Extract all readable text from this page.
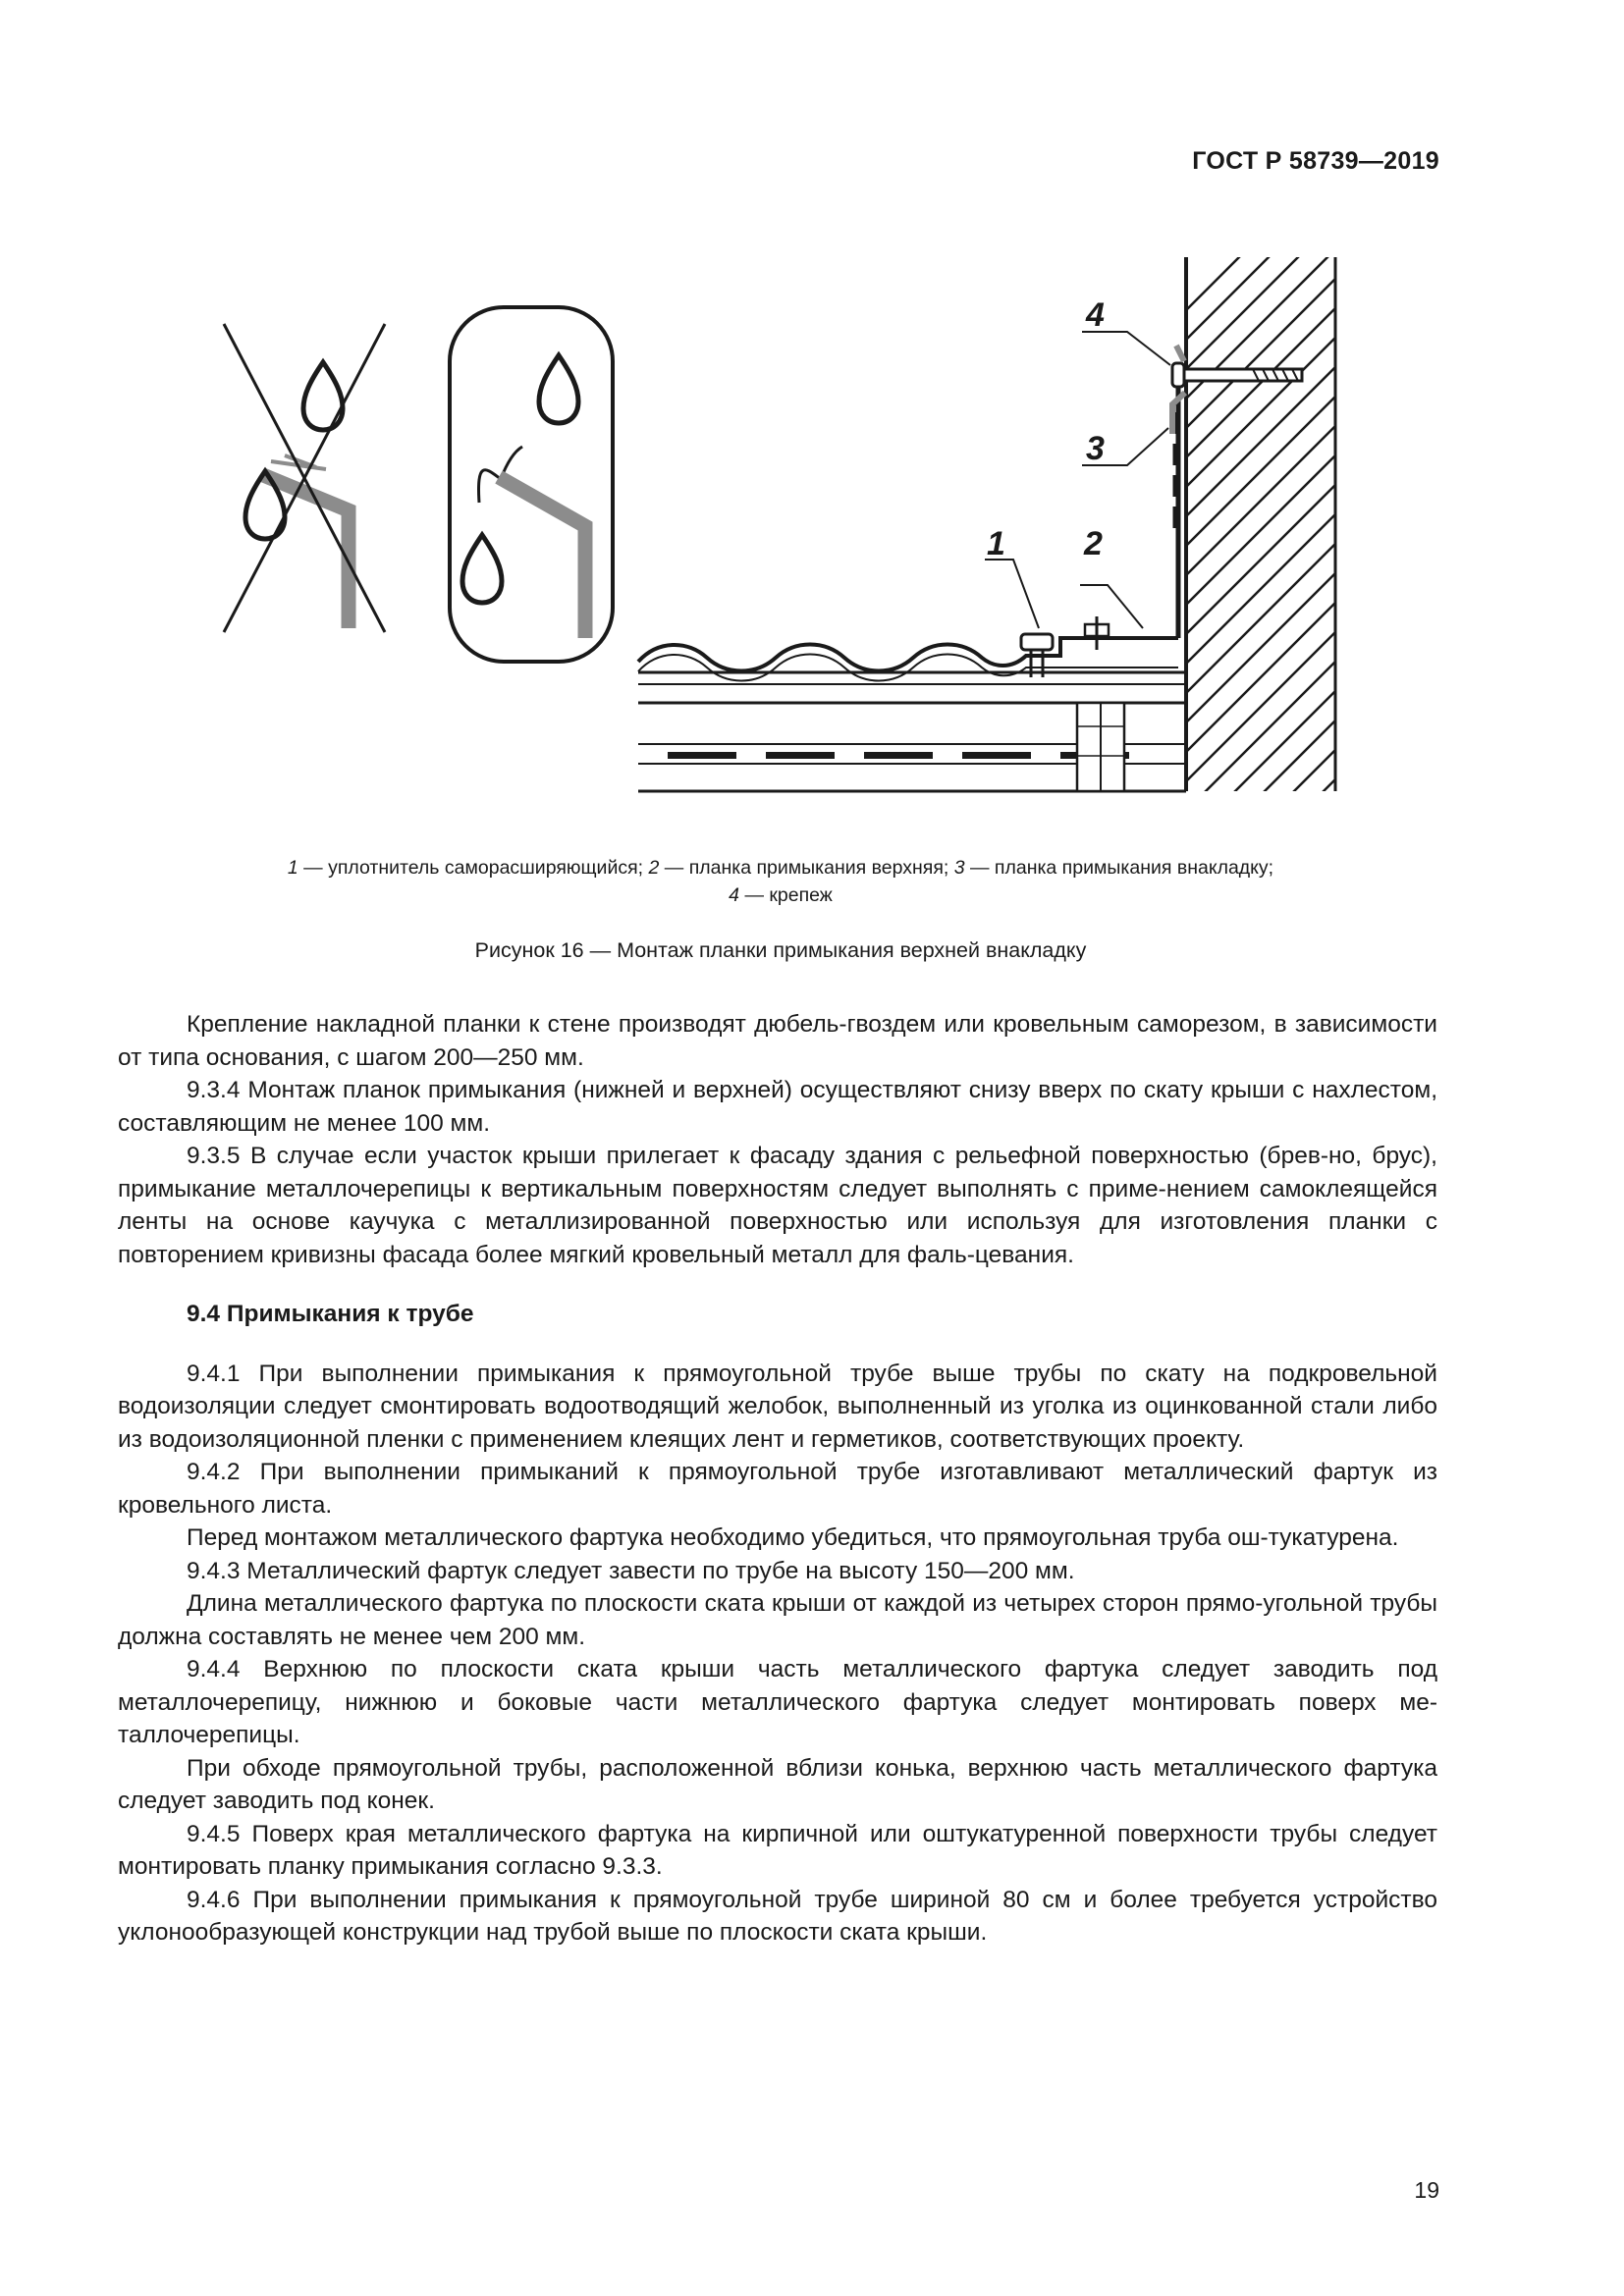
ГОСТ Р 58739—2019
1 2
3
4
1 — уплотнитель саморасширяющийся; 2 — планка примыкания верхняя; 3 — планка примыкания внакладку;
4 — крепеж
Рисунок 16 — Монтаж планки примыкания верхней внакладку

Крепление накладной планки к стене производят дюбель-гвоздем или кровельным саморезом, в зависимости от типа основания, с шагом 200—250 мм.

9.3.4 Монтаж планок примыкания (нижней и верхней) осуществляют снизу вверх по скату крыши с нахлестом, составляющим не менее 100 мм.

9.3.5 В случае если участок крыши прилегает к фасаду здания с рельефной поверхностью (брев-но, брус), примыкание металлочерепицы к вертикальным поверхностям следует выполнять с приме-нением самоклеящейся ленты на основе каучука с металлизированной поверхностью или используя для изготовления планки с повторением кривизны фасада более мягкий кровельный металл для фаль-цевания.

9.4 Примыкания к трубе

9.4.1 При выполнении примыкания к прямоугольной трубе выше трубы по скату на подкровельной водоизоляции следует смонтировать водоотводящий желобок, выполненный из уголка из оцинкованной стали либо из водоизоляционной пленки с применением клеящих лент и герметиков, соответствующих проекту.

9.4.2 При выполнении примыканий к прямоугольной трубе изготавливают металлический фартук из кровельного листа.

Перед монтажом металлического фартука необходимо убедиться, что прямоугольная труба ош-тукатурена.

9.4.3 Металлический фартук следует завести по трубе на высоту 150—200 мм.

Длина металлического фартука по плоскости ската крыши от каждой из четырех сторон прямо-угольной трубы должна составлять не менее чем 200 мм.

9.4.4 Верхнюю по плоскости ската крыши часть металлического фартука следует заводить под металлочерепицу, нижнюю и боковые части металлического фартука следует монтировать поверх ме-таллочерепицы.

При обходе прямоугольной трубы, расположенной вблизи конька, верхнюю часть металлического фартука следует заводить под конек.

9.4.5 Поверх края металлического фартука на кирпичной или оштукатуренной поверхности трубы следует монтировать планку примыкания согласно 9.3.3.

9.4.6 При выполнении примыкания к прямоугольной трубе шириной 80 см и более требуется устройство уклонообразующей конструкции над трубой выше по плоскости ската крыши.

19
